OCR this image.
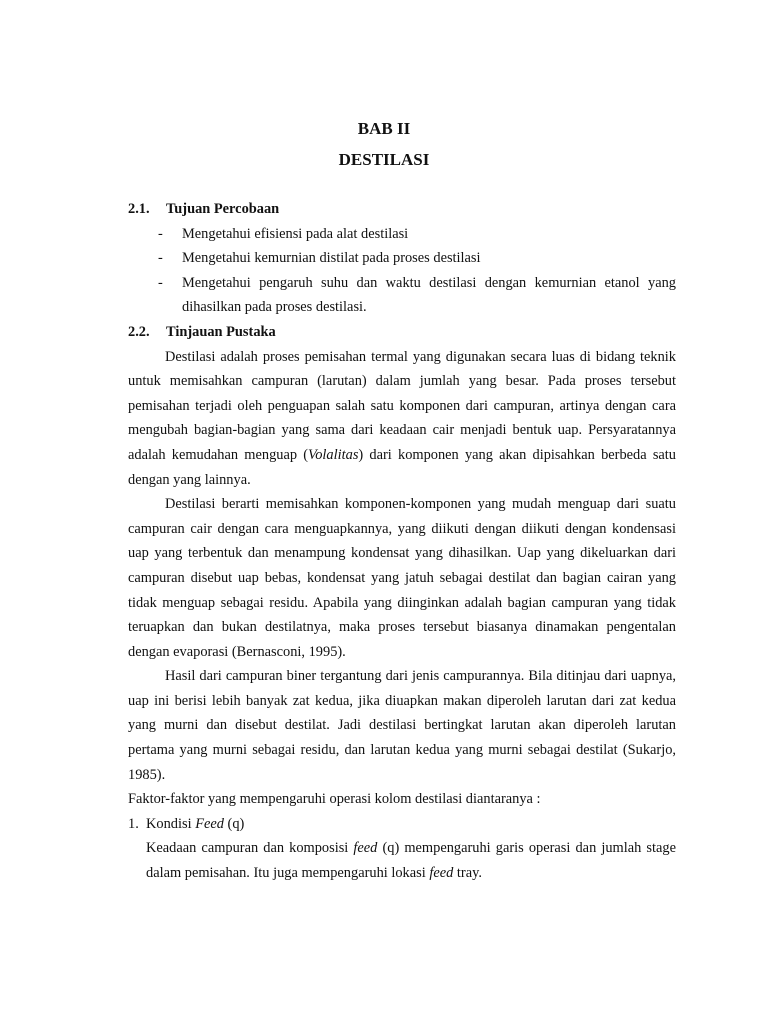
BAB II
DESTILASI
2.1.	Tujuan Percobaan
-	Mengetahui efisiensi pada alat destilasi
-	Mengetahui kemurnian distilat pada proses destilasi
-	Mengetahui pengaruh suhu dan waktu destilasi dengan kemurnian etanol yang dihasilkan pada proses destilasi.
2.2.	Tinjauan Pustaka

Destilasi adalah proses pemisahan termal yang digunakan secara luas di bidang teknik untuk memisahkan campuran (larutan) dalam jumlah yang besar. Pada proses tersebut pemisahan terjadi oleh penguapan salah satu komponen dari campuran, artinya dengan cara mengubah bagian-bagian yang sama dari keadaan cair menjadi bentuk uap. Persyaratannya adalah kemudahan menguap (Volalitas) dari komponen yang akan dipisahkan berbeda satu dengan yang lainnya.

Destilasi berarti memisahkan komponen-komponen yang mudah menguap dari suatu campuran cair dengan cara menguapkannya, yang diikuti dengan diikuti dengan kondensasi uap yang terbentuk dan menampung kondensat yang dihasilkan. Uap yang dikeluarkan dari campuran disebut uap bebas, kondensat yang jatuh sebagai destilat dan bagian cairan yang tidak menguap sebagai residu. Apabila yang diinginkan adalah bagian campuran yang tidak teruapkan dan bukan destilatnya, maka proses tersebut biasanya dinamakan pengentalan dengan evaporasi (Bernasconi, 1995).

Hasil dari campuran biner tergantung dari jenis campurannya. Bila ditinjau dari uapnya, uap ini berisi lebih banyak zat kedua, jika diuapkan makan diperoleh larutan dari zat kedua yang murni dan disebut destilat. Jadi destilasi bertingkat larutan akan diperoleh larutan pertama yang murni sebagai residu, dan larutan kedua yang murni sebagai destilat (Sukarjo, 1985).

Faktor-faktor yang mempengaruhi operasi kolom destilasi diantaranya :

1. Kondisi Feed (q)

Keadaan campuran dan komposisi feed (q) mempengaruhi garis operasi dan jumlah stage dalam pemisahan. Itu juga mempengaruhi lokasi feed tray.
